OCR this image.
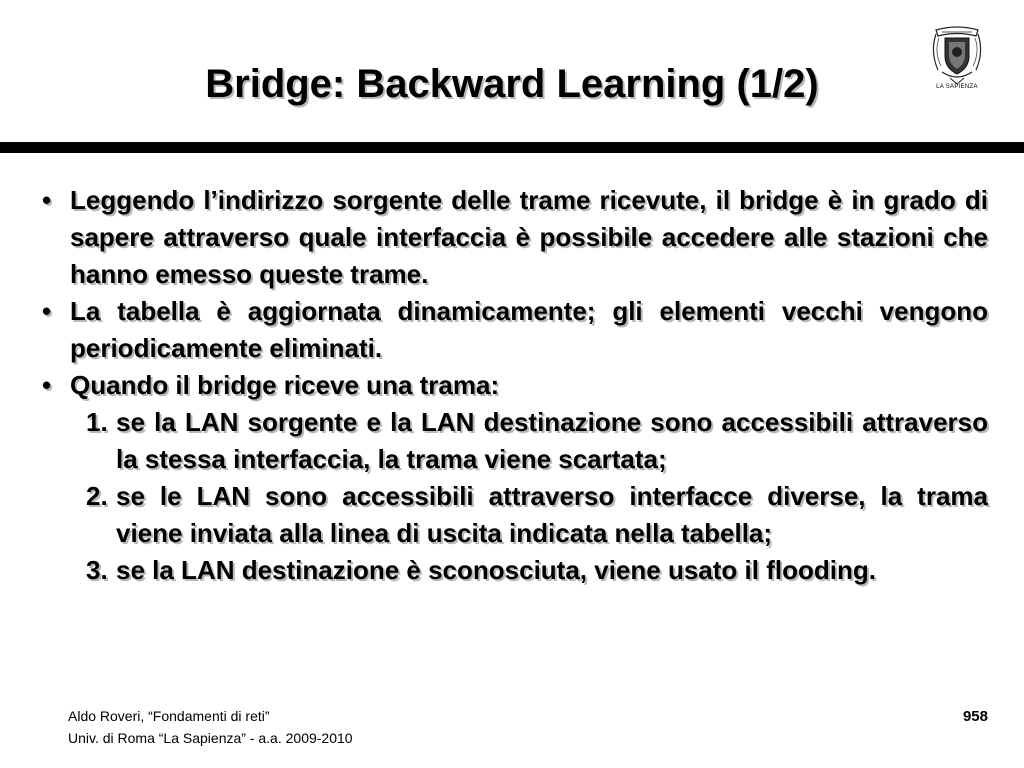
Bridge: Backward Learning (1/2)	LA SAPIENZA
• Leggendo l’indirizzo sorgente delle trame ricevute, il bridge è in grado di sapere attraverso quale interfaccia è possibile accedere alle stazioni che hanno emesso queste trame.
• La tabella è aggiornata dinamicamente; gli elementi vecchi vengono periodicamente eliminati.
• Quando il bridge riceve una trama:
1. se la LAN sorgente e la LAN destinazione sono accessibili attraverso la stessa interfaccia, la trama viene scartata;
2. se le LAN sono accessibili attraverso interfacce diverse, la trama viene inviata alla linea di uscita indicata nella tabella;
3. se la LAN destinazione è sconosciuta, viene usato il flooding.
Aldo Roveri, “Fondamenti di reti”
Univ. di Roma “La Sapienza” - a.a. 2009-2010
958
